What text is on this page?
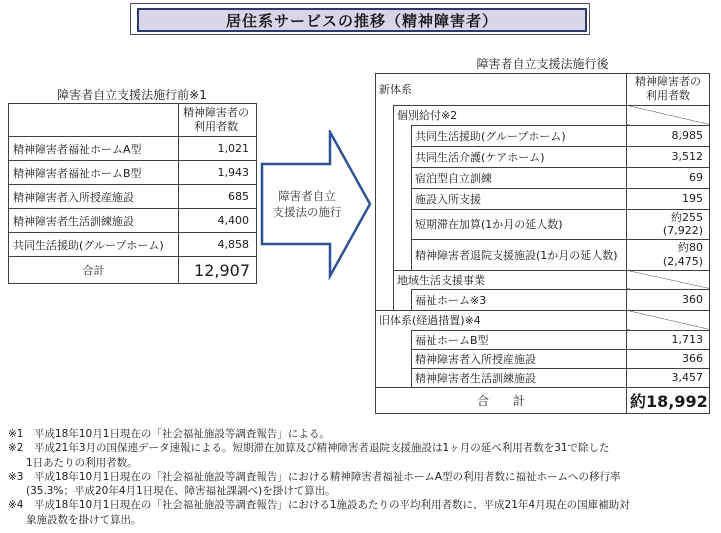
居住系サービスの推移（精神障害者）
障害者自立支援法施行前※1
	精神障害者の
利用者数
精神障害者福祉ホームA型	1,021
精神障害者福祉ホームB型	1,943
精神障害者入所授産施設	685
精神障害者生活訓練施設	4,400
共同生活援助(グループホーム)	4,858
合計	12,907
障害者自立
支援法の施行
障害者自立支援法施行後
新体系			精神障害者の
利用者数
	個別給付※2		
		共同生活援助(グループホーム)	8,985
		共同生活介護(ケアホーム)	3,512
		宿泊型自立訓練	69
		施設入所支援	195
		短期滞在加算(1か月の延人数)	約255
(7,922)
		精神障害者退院支援施設(1か月の延人数)	約80
(2,475)
	地域生活支援事業		
		福祉ホーム※3	360
旧体系(経過措置)※4			
		福祉ホームB型	1,713
		精神障害者入所授産施設	366
		精神障害者生活訓練施設	3,457
合　　計			約18,992
※1　平成18年10月1日現在の「社会福祉施設等調査報告」による。
※2　平成21年3月の国保連データ速報による。短期滞在加算及び精神障害者退院支援施設は1ヶ月の延べ利用者数を31で除した
1日あたりの利用者数。
※3　平成18年10月1日現在の「社会福祉施設等調査報告」における精神障害者福祉ホームA型の利用者数に福祉ホームへの移行率
(35.3%；平成20年4月1日現在、障害福祉課調べ)を掛けて算出。
※4　平成18年10月1日現在の「社会福祉施設等調査報告」における1施設あたりの平均利用者数に、平成21年4月現在の国庫補助対
象施設数を掛けて算出。
